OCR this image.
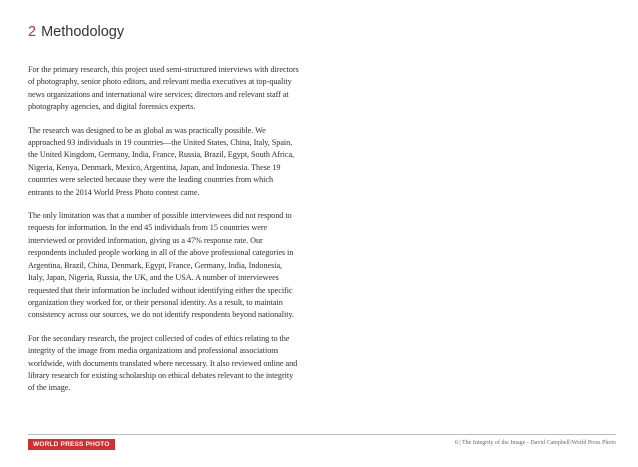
2 Methodology

For the primary research, this project used semi-structured interviews with directors of photography, senior photo editors, and relevant media executives at top-quality news organizations and international wire services; directors and relevant staff at photography agencies, and digital forensics experts.

The research was designed to be as global as was practically possible. We approached 93 individuals in 19 countries—the United States, China, Italy, Spain, the United Kingdom, Germany, India, France, Russia, Brazil, Egypt, South Africa, Nigeria, Kenya, Denmark, Mexico, Argentina, Japan, and Indonesia. These 19 countries were selected because they were the leading countries from which entrants to the 2014 World Press Photo contest came.

The only limitation was that a number of possible interviewees did not respond to requests for information. In the end 45 individuals from 15 countries were interviewed or provided information, giving us a 47% response rate. Our respondents included people working in all of the above professional categories in Argentina, Brazil, China, Denmark, Egypt, France, Germany, India, Indonesia, Italy, Japan, Nigeria, Russia, the UK, and the USA. A number of interviewees requested that their information be included without identifying either the specific organization they worked for, or their personal identity. As a result, to maintain consistency across our sources, we do not identify respondents beyond nationality.

For the secondary research, the project collected of codes of ethics relating to the integrity of the image from media organizations and professional associations worldwide, with documents translated where necessary. It also reviewed online and library research for existing scholarship on ethical debates relevant to the integrity of the image.

WORLD PRESS PHOTO	6 | The Integrity of the Image - David Campbell/World Press Photo
